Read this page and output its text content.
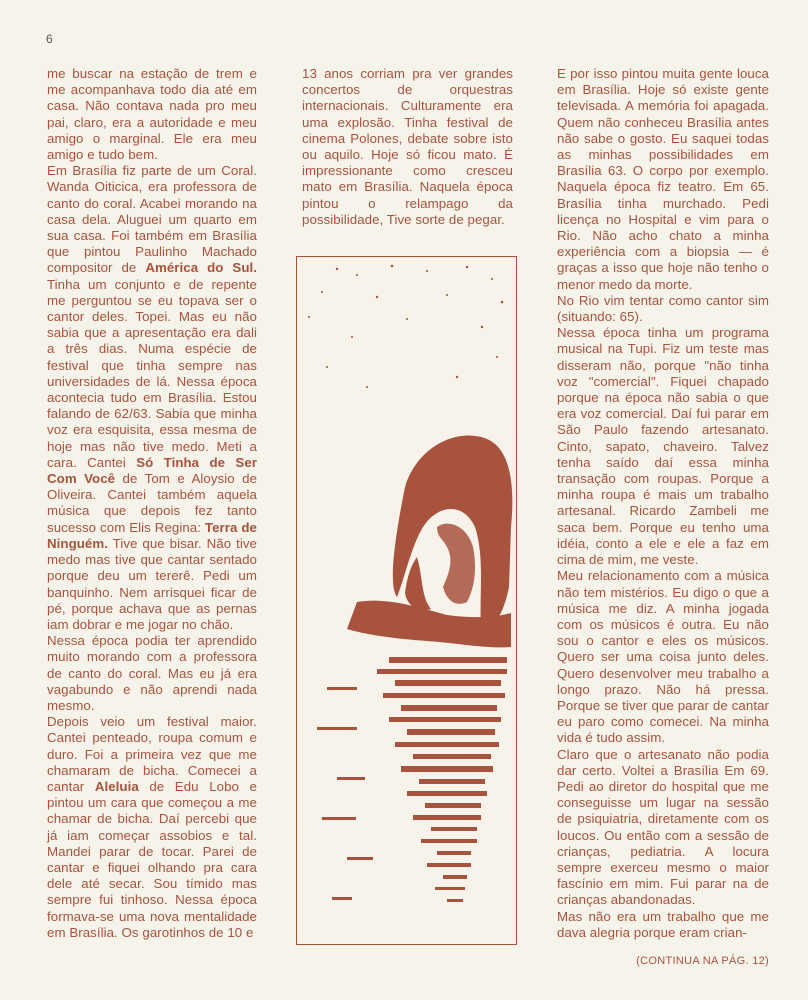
6

me buscar na estação de trem e me acompanhava todo dia até em casa. Não contava nada pro meu pai, claro, era a autoridade e meu amigo o marginal. Ele era meu amigo e tudo bem.

Em Brasília fiz parte de um Coral. Wanda Oiticica, era professora de canto do coral. Acabei morando na casa dela. Aluguei um quarto em sua casa. Foi também em Brasília que pintou Paulinho Machado compositor de América do Sul. Tinha um conjunto e de repente me perguntou se eu topava ser o cantor deles. Topei. Mas eu não sabia que a apresentação era dali a três dias. Numa espécie de festival que tinha sempre nas universidades de lá. Nessa época acontecia tudo em Brasília. Estou falando de 62/63. Sabia que minha voz era esquisita, essa mesma de hoje mas não tive medo. Meti a cara. Cantei Só Tinha de Ser Com Você de Tom e Aloysio de Oliveira. Cantei também aquela música que depois fez tanto sucesso com Elis Regina: Terra de Ninguém. Tive que bisar. Não tive medo mas tive que cantar sentado porque deu um tererê. Pedi um banquinho. Nem arrisquei ficar de pé, porque achava que as pernas iam dobrar e me jogar no chão.

Nessa época podia ter aprendido muito morando com a professora de canto do coral. Mas eu já era vagabundo e não aprendi nada mesmo.

Depois veio um festival maior. Cantei penteado, roupa comum e duro. Foi a primeira vez que me chamaram de bicha. Comecei a cantar Aleluia de Edu Lobo e pintou um cara que começou a me chamar de bicha. Daí percebi que já iam começar assobios e tal. Mandei parar de tocar. Parei de cantar e fiquei olhando pra cara dele até secar. Sou tímido mas sempre fui tinhoso. Nessa época formava-se uma nova mentalidade em Brasília. Os garotinhos de 10 e

13 anos corriam pra ver grandes concertos de orquestras internacionais. Culturamente era uma explosão. Tinha festival de cinema Polones, debate sobre isto ou aquilo. Hoje só ficou mato. É impressionante como cresceu mato em Brasília. Naquela época pintou o relampago da possibilidade, Tive sorte de pegar.

E por isso pintou muita gente louca em Brasília. Hoje só existe gente televisada. A memória foi apagada. Quem não conheceu Brasília antes não sabe o gosto. Eu saquei todas as minhas possibilidades em Brasília 63. O corpo por exemplo. Naquela época fiz teatro. Em 65. Brasília tinha murchado. Pedi licença no Hospital e vim para o Rio. Não acho chato a minha experiência com a biopsia — é graças a isso que hoje não tenho o menor medo da morte.

No Rio vim tentar como cantor sim (situando: 65).

Nessa época tinha um programa musical na Tupi. Fiz um teste mas disseram não, porque "não tinha voz "comercial". Fiquei chapado porque na época não sabia o que era voz comercial. Daí fui parar em São Paulo fazendo artesanato. Cinto, sapato, chaveiro. Talvez tenha saído daí essa minha transação com roupas. Porque a minha roupa é mais um trabalho artesanal. Ricardo Zambeli me saca bem. Porque eu tenho uma idéia, conto a ele e ele a faz em cima de mim, me veste.

Meu relacionamento com a música não tem mistérios. Eu digo o que a música me diz. A minha jogada com os músicos é outra. Eu não sou o cantor e eles os músicos. Quero ser uma coisa junto deles. Quero desenvolver meu trabalho a longo prazo. Não há pressa. Porque se tiver que parar de cantar eu paro como comecei. Na minha vida é tudo assim.

Claro que o artesanato não podia dar certo. Voltei a Brasília Em 69. Pedi ao diretor do hospital que me conseguisse um lugar na sessão de psiquiatria, diretamente com os loucos. Ou então com a sessão de crianças, pediatria. A locura sempre exerceu mesmo o maior fascínio em mim. Fui parar na de crianças abandonadas.

Mas não era um trabalho que me dava alegria porque eram crian-

(CONTINUA NA PÁG. 12)
